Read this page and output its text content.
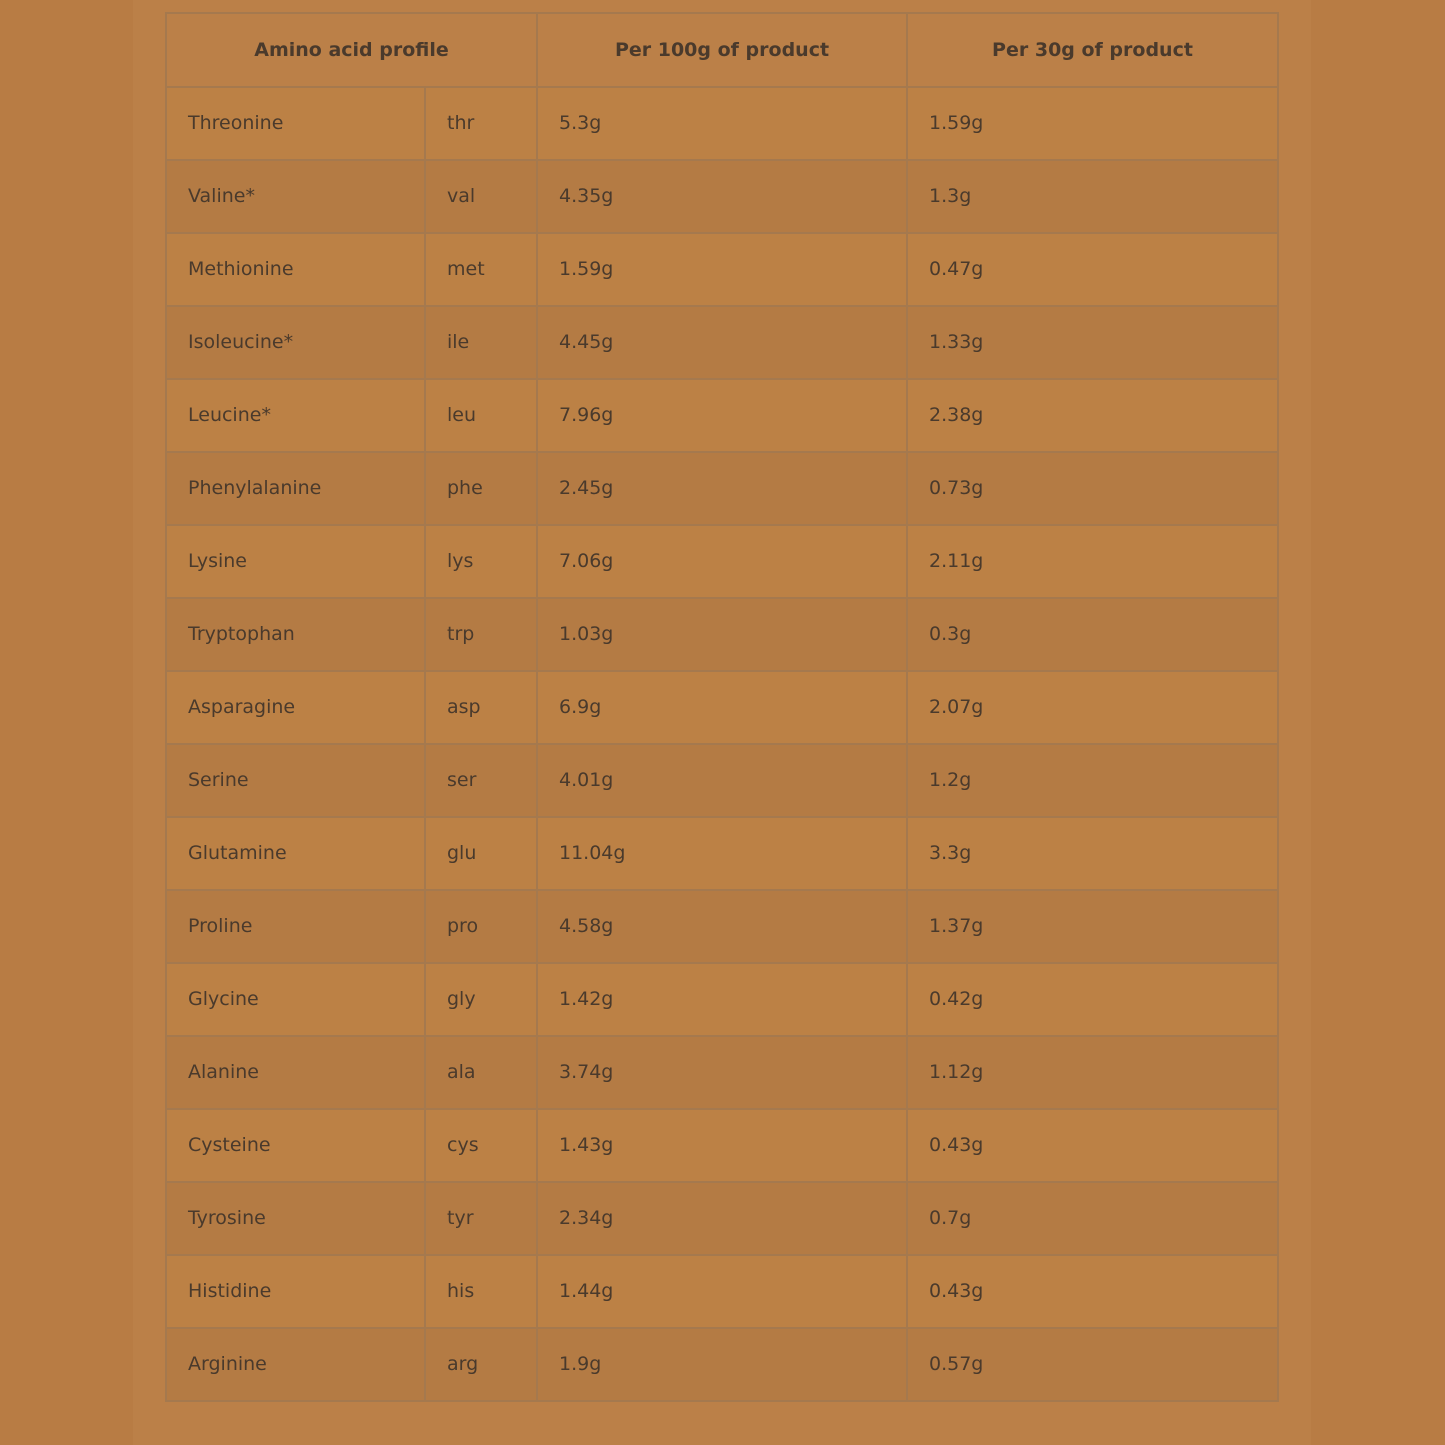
Amino acid profile		Per 100g of product	Per 30g of product
Threonine	thr	5.3g	1.59g
Valine*	val	4.35g	1.3g
Methionine	met	1.59g	0.47g
Isoleucine*	ile	4.45g	1.33g
Leucine*	leu	7.96g	2.38g
Phenylalanine	phe	2.45g	0.73g
Lysine	lys	7.06g	2.11g
Tryptophan	trp	1.03g	0.3g
Asparagine	asp	6.9g	2.07g
Serine	ser	4.01g	1.2g
Glutamine	glu	11.04g	3.3g
Proline	pro	4.58g	1.37g
Glycine	gly	1.42g	0.42g
Alanine	ala	3.74g	1.12g
Cysteine	cys	1.43g	0.43g
Tyrosine	tyr	2.34g	0.7g
Histidine	his	1.44g	0.43g
Arginine	arg	1.9g	0.57g
